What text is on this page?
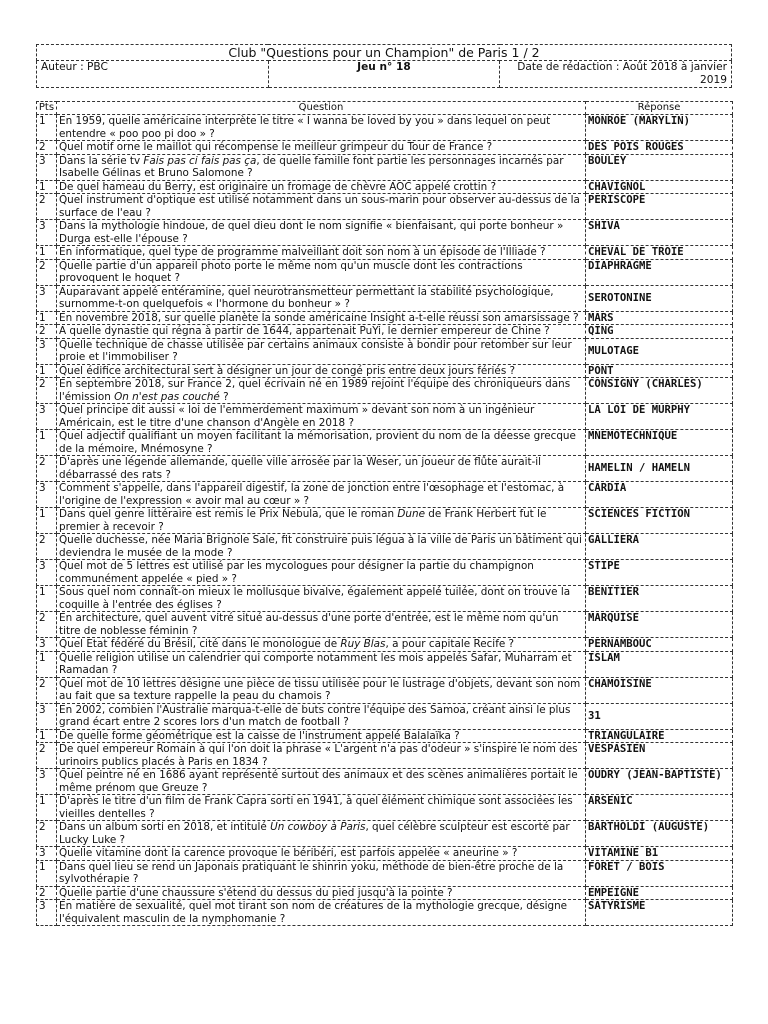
Club "Questions pour un Champion" de Paris 1 / 2
Auteur : PBC	Jeu n° 18	Date de rédaction : Août 2018 à janvier 2019
Pts	Question	Réponse
1	En 1959, quelle américaine interprète le titre « I wanna be loved by you » dans lequel on peut entendre « poo poo pi doo » ?	MONROE (MARYLIN)
2	Quel motif orne le maillot qui récompense le meilleur grimpeur du Tour de France ?	DES POIS ROUGES
3	Dans la série tv Fais pas ci fais pas ça, de quelle famille font partie les personnages incarnés par Isabelle Gélinas et Bruno Salomone ?	BOULEY
1	De quel hameau du Berry, est originaire un fromage de chèvre AOC appelé crottin ?	CHAVIGNOL
2	Quel instrument d'optique est utilisé notamment dans un sous-marin pour observer au-dessus de la surface de l'eau ?	PERISCOPE
3	Dans la mythologie hindoue, de quel dieu dont le nom signifie « bienfaisant, qui porte bonheur » Durga est-elle l'épouse ?	SHIVA
1	En informatique, quel type de programme malveillant doit son nom à un épisode de l'Illiade ?	CHEVAL DE TROIE
2	Quelle partie d'un appareil photo porte le même nom qu'un muscle dont les contractions provoquent le hoquet ?	DIAPHRAGME
3	Auparavant appelé entéramine, quel neurotransmetteur permettant la stabilité psychologique, surnomme-t-on quelquefois « l'hormone du bonheur » ?	SEROTONINE
1	En novembre 2018, sur quelle planète la sonde américaine Insight a-t-elle réussi son amarsissage ?	MARS
2	A quelle dynastie qui régna à partir de 1644, appartenait PuYi, le dernier empereur de Chine ?	QING
3	Quelle technique de chasse utilisée par certains animaux consiste à bondir pour retomber sur leur proie et l'immobiliser ?	MULOTAGE
1	Quel édifice architectural sert à désigner un jour de congé pris entre deux jours fériés ?	PONT
2	En septembre 2018, sur France 2, quel écrivain né en 1989 rejoint l'équipe des chroniqueurs dans l'émission On n'est pas couché ?	CONSIGNY (CHARLES)
3	Quel principe dit aussi « loi de l'emmerdement maximum » devant son nom à un ingénieur Américain, est le titre d'une chanson d'Angèle en 2018 ?	LA LOI DE MURPHY
1	Quel adjectif qualifiant un moyen facilitant la mémorisation, provient du nom de la déesse grecque de la mémoire, Mnémosyne ?	MNEMOTECHNIQUE
2	D'après une légende allemande, quelle ville arrosée par la Weser, un joueur de flûte aurait-il débarrassé des rats ?	HAMELIN / HAMELN
3	Comment s'appelle, dans l'appareil digestif, la zone de jonction entre l'œsophage et l'estomac, à l'origine de l'expression « avoir mal au cœur » ?	CARDIA
1	Dans quel genre littéraire est remis le Prix Nebula, que le roman Dune de Frank Herbert fut le premier à recevoir ?	SCIENCES FICTION
2	Quelle duchesse, née Maria Brignole Sale, fit construire puis légua à la ville de Paris un bâtiment qui deviendra le musée de la mode ?	GALLIERA
3	Quel mot de 5 lettres est utilisé par les mycologues pour désigner la partie du champignon communément appelée « pied » ?	STIPE
1	Sous quel nom connaît-on mieux le mollusque bivalve, également appelé tuilée, dont on trouve la coquille à l'entrée des églises ?	BENITIER
2	En architecture, quel auvent vitré situé au-dessus d'une porte d'entrée, est le même nom qu'un titre de noblesse féminin ?	MARQUISE
3	Quel Etat fédéré du Brésil, cité dans le monologue de Ruy Blas, a pour capitale Recife ?	PERNAMBOUC
1	Quelle religion utilise un calendrier qui comporte notamment les mois appelés Safar, Muharram et Ramadan ?	ISLAM
2	Quel mot de 10 lettres désigne une pièce de tissu utilisée pour le lustrage d'objets, devant son nom au fait que sa texture rappelle la peau du chamois ?	CHAMOISINE
3	En 2002, combien l'Australie marqua-t-elle de buts contre l'équipe des Samoa, créant ainsi le plus grand écart entre 2 scores lors d'un match de football ?	31
1	De quelle forme géométrique est la caisse de l'instrument appelé Balalaïka ?	TRIANGULAIRE
2	De quel empereur Romain à qui l'on doit la phrase « L'argent n'a pas d'odeur » s'inspire le nom des urinoirs publics placés à Paris en 1834 ?	VESPASIEN
3	Quel peintre né en 1686 ayant représenté surtout des animaux et des scènes animalières portait le même prénom que Greuze ?	OUDRY (JEAN-BAPTISTE)
1	D'après le titre d'un film de Frank Capra sorti en 1941, à quel élément chimique sont associées les vieilles dentelles ?	ARSENIC
2	Dans un album sorti en 2018, et intitulé Un cowboy à Paris, quel célèbre sculpteur est escorté par Lucky Luke ?	BARTHOLDI (AUGUSTE)
3	Quelle vitamine dont la carence provoque le béribéri, est parfois appelée « aneurine » ?	VITAMINE B1
1	Dans quel lieu se rend un Japonais pratiquant le shinrin yoku, méthode de bien-être proche de la sylvothérapie ?	FORET / BOIS
2	Quelle partie d'une chaussure s'étend du dessus du pied jusqu'à la pointe ?	EMPEIGNE
3	En matière de sexualité, quel mot tirant son nom de créatures de la mythologie grecque, désigne l'équivalent masculin de la nymphomanie ?	SATYRISME
